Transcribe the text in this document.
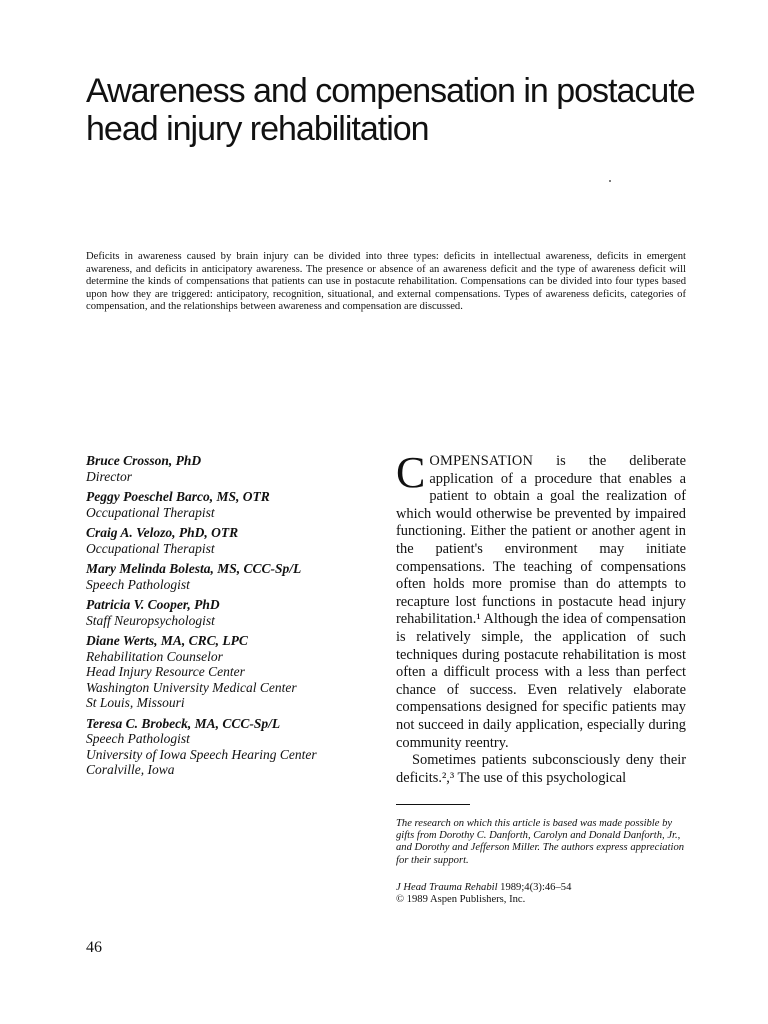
Awareness and compensation in postacute head injury rehabilitation

Deficits in awareness caused by brain injury can be divided into three types: deficits in intellectual awareness, deficits in emergent awareness, and deficits in anticipatory awareness. The presence or absence of an awareness deficit and the type of awareness deficit will determine the kinds of compensations that patients can use in postacute rehabilitation. Compensations can be divided into four types based upon how they are triggered: anticipatory, recognition, situational, and external compensations. Types of awareness deficits, categories of compensation, and the relationships between awareness and compensation are discussed.

Bruce Crosson, PhD
Director
Peggy Poeschel Barco, MS, OTR
Occupational Therapist
Craig A. Velozo, PhD, OTR
Occupational Therapist
Mary Melinda Bolesta, MS, CCC-Sp/L
Speech Pathologist
Patricia V. Cooper, PhD
Staff Neuropsychologist
Diane Werts, MA, CRC, LPC
Rehabilitation Counselor
Head Injury Resource Center
Washington University Medical Center
St Louis, Missouri
Teresa C. Brobeck, MA, CCC-Sp/L
Speech Pathologist
University of Iowa Speech Hearing Center
Coralville, Iowa

COMPENSATION is the deliberate application of a procedure that enables a patient to obtain a goal the realization of which would otherwise be prevented by impaired functioning. Either the patient or another agent in the patient's environment may initiate compensations. The teaching of compensations often holds more promise than do attempts to recapture lost functions in postacute head injury rehabilitation.¹ Although the idea of compensation is relatively simple, the application of such techniques during postacute rehabilitation is most often a difficult process with a less than perfect chance of success. Even relatively elaborate compensations designed for specific patients may not succeed in daily application, especially during community reentry.

Sometimes patients subconsciously deny their deficits.²,³ The use of this psychological

The research on which this article is based was made possible by gifts from Dorothy C. Danforth, Carolyn and Donald Danforth, Jr., and Dorothy and Jefferson Miller. The authors express appreciation for their support.

J Head Trauma Rehabil 1989;4(3):46–54
© 1989 Aspen Publishers, Inc.
46
